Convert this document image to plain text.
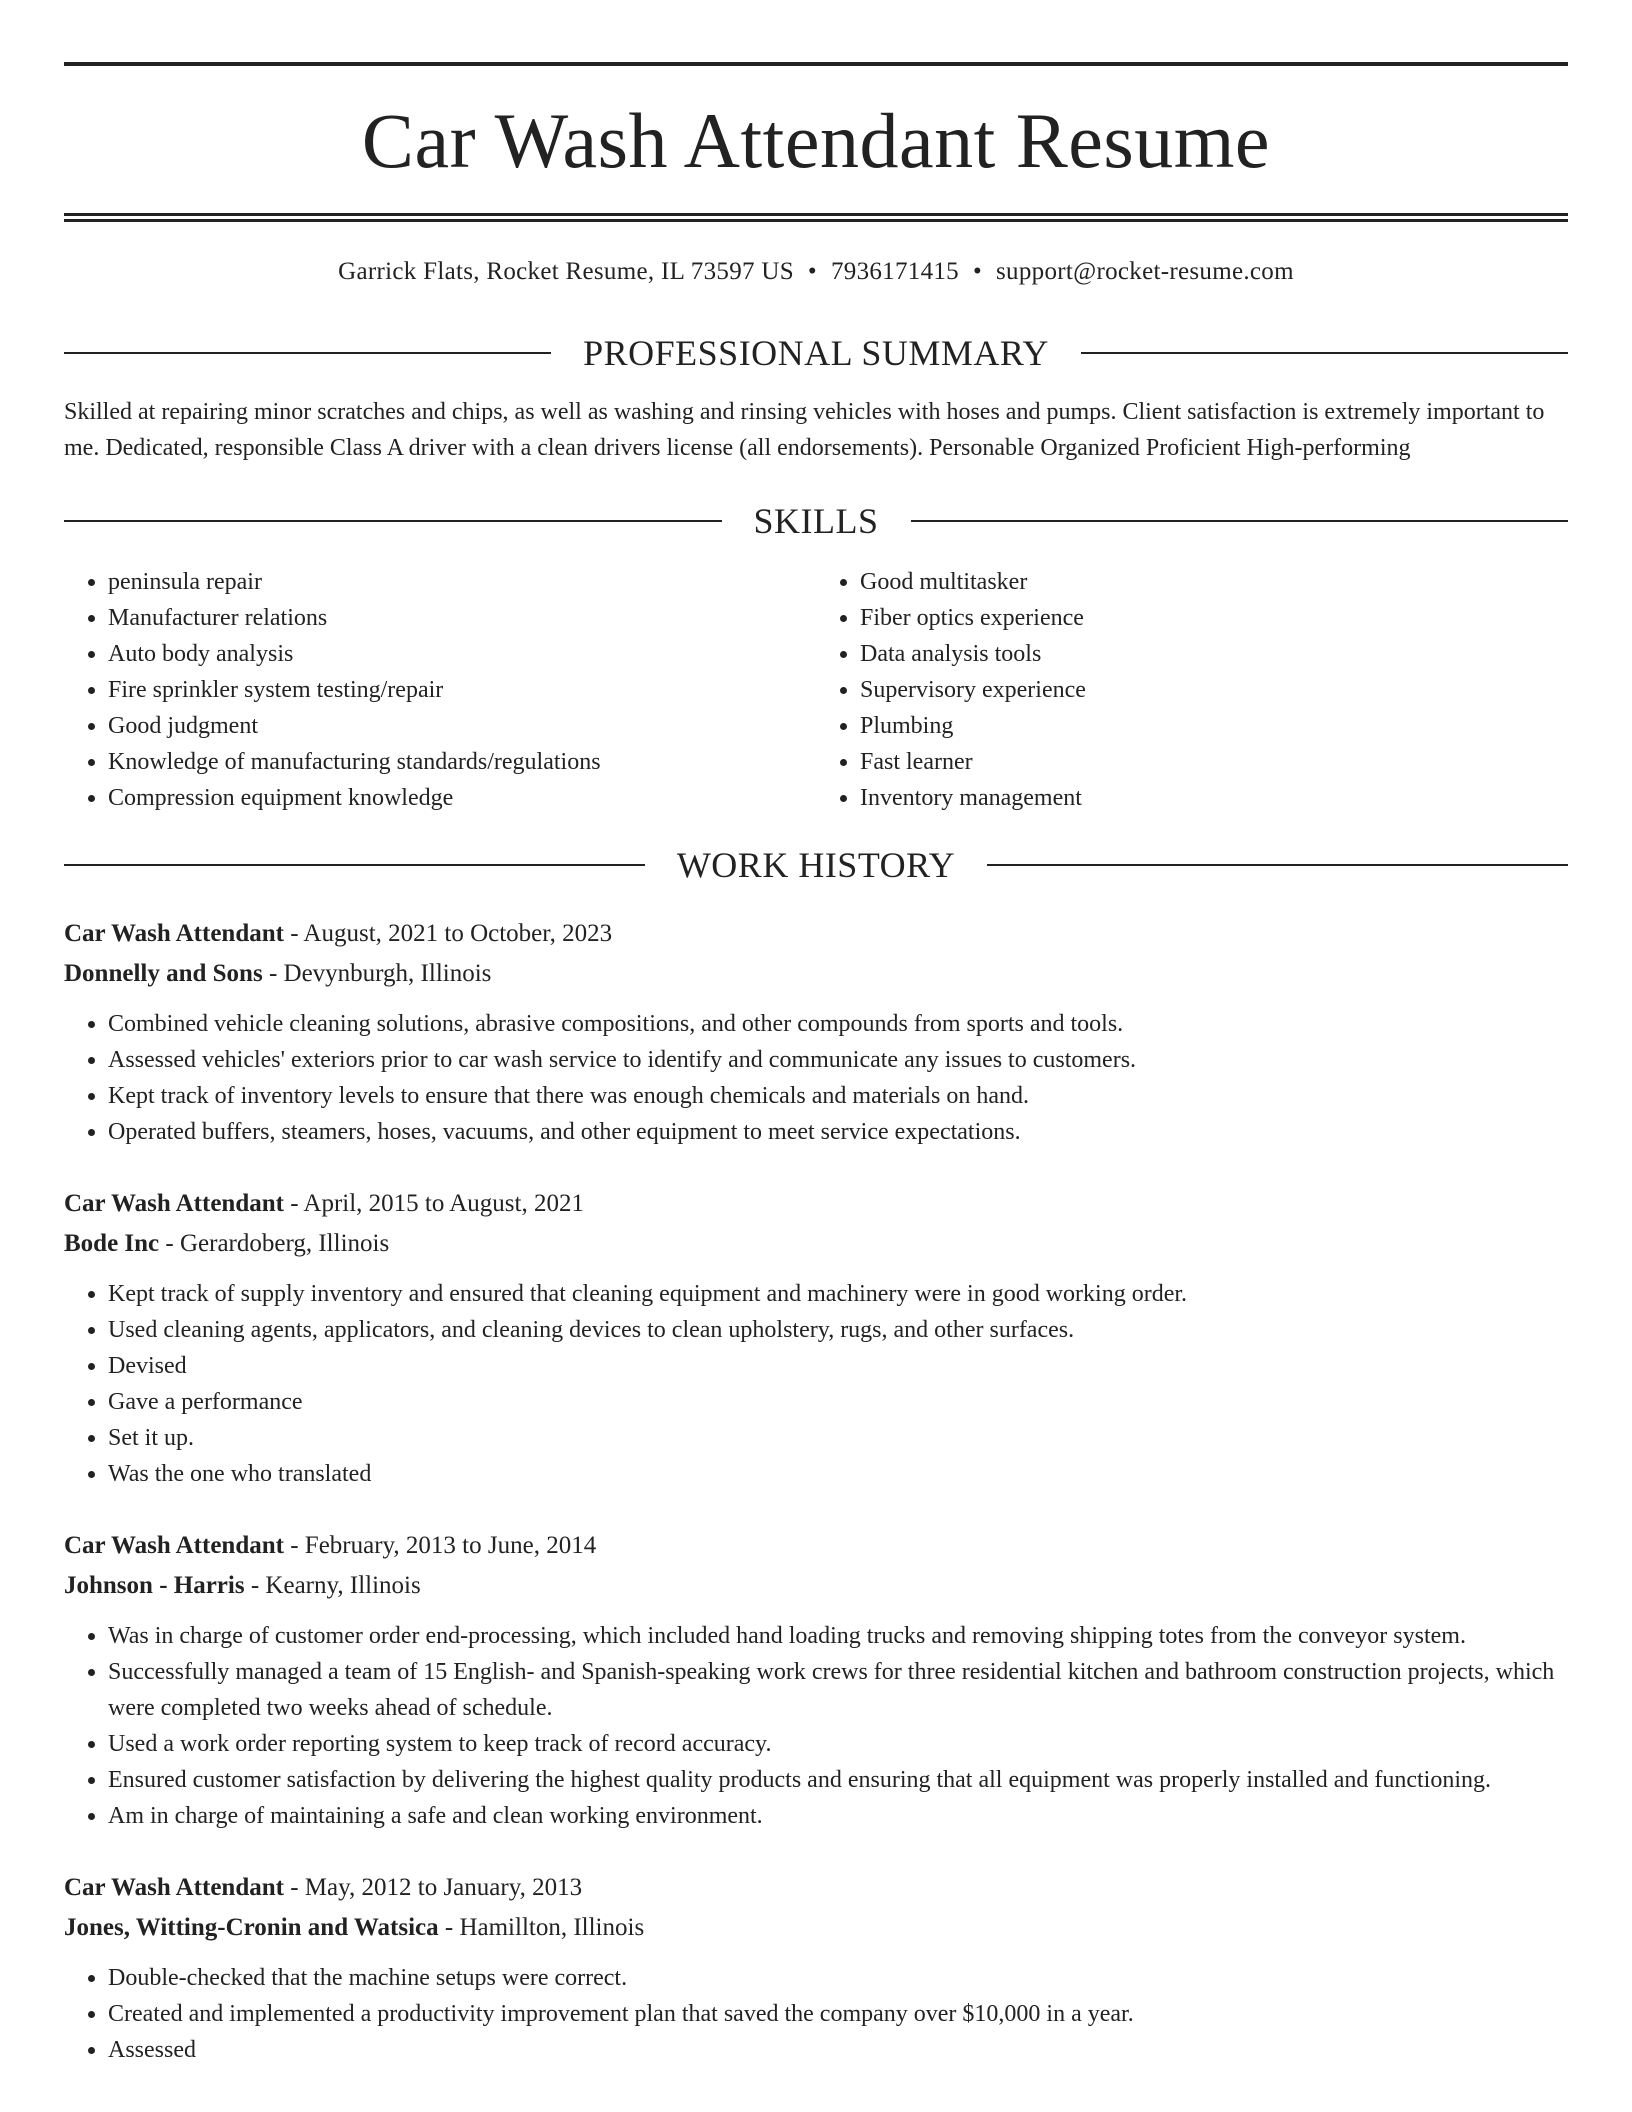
Car Wash Attendant Resume
Garrick Flats, Rocket Resume, IL 73597 US • 7936171415 • support@rocket-resume.com
PROFESSIONAL SUMMARY
Skilled at repairing minor scratches and chips, as well as washing and rinsing vehicles with hoses and pumps. Client satisfaction is extremely important to me. Dedicated, responsible Class A driver with a clean drivers license (all endorsements). Personable Organized Proficient High-performing
SKILLS
• peninsula repair
• Manufacturer relations
• Auto body analysis
• Fire sprinkler system testing/repair
• Good judgment
• Knowledge of manufacturing standards/regulations
• Compression equipment knowledge
• Good multitasker
• Fiber optics experience
• Data analysis tools
• Supervisory experience
• Plumbing
• Fast learner
• Inventory management
WORK HISTORY
Car Wash Attendant - August, 2021 to October, 2023
Donnelly and Sons - Devynburgh, Illinois
• Combined vehicle cleaning solutions, abrasive compositions, and other compounds from sports and tools.
• Assessed vehicles' exteriors prior to car wash service to identify and communicate any issues to customers.
• Kept track of inventory levels to ensure that there was enough chemicals and materials on hand.
• Operated buffers, steamers, hoses, vacuums, and other equipment to meet service expectations.
Car Wash Attendant - April, 2015 to August, 2021
Bode Inc - Gerardoberg, Illinois
• Kept track of supply inventory and ensured that cleaning equipment and machinery were in good working order.
• Used cleaning agents, applicators, and cleaning devices to clean upholstery, rugs, and other surfaces.
• Devised
• Gave a performance
• Set it up.
• Was the one who translated
Car Wash Attendant - February, 2013 to June, 2014
Johnson - Harris - Kearny, Illinois
• Was in charge of customer order end-processing, which included hand loading trucks and removing shipping totes from the conveyor system.
• Successfully managed a team of 15 English- and Spanish-speaking work crews for three residential kitchen and bathroom construction projects, which were completed two weeks ahead of schedule.
• Used a work order reporting system to keep track of record accuracy.
• Ensured customer satisfaction by delivering the highest quality products and ensuring that all equipment was properly installed and functioning.
• Am in charge of maintaining a safe and clean working environment.
Car Wash Attendant - May, 2012 to January, 2013
Jones, Witting-Cronin and Watsica - Hamillton, Illinois
• Double-checked that the machine setups were correct.
• Created and implemented a productivity improvement plan that saved the company over $10,000 in a year.
• Assessed
